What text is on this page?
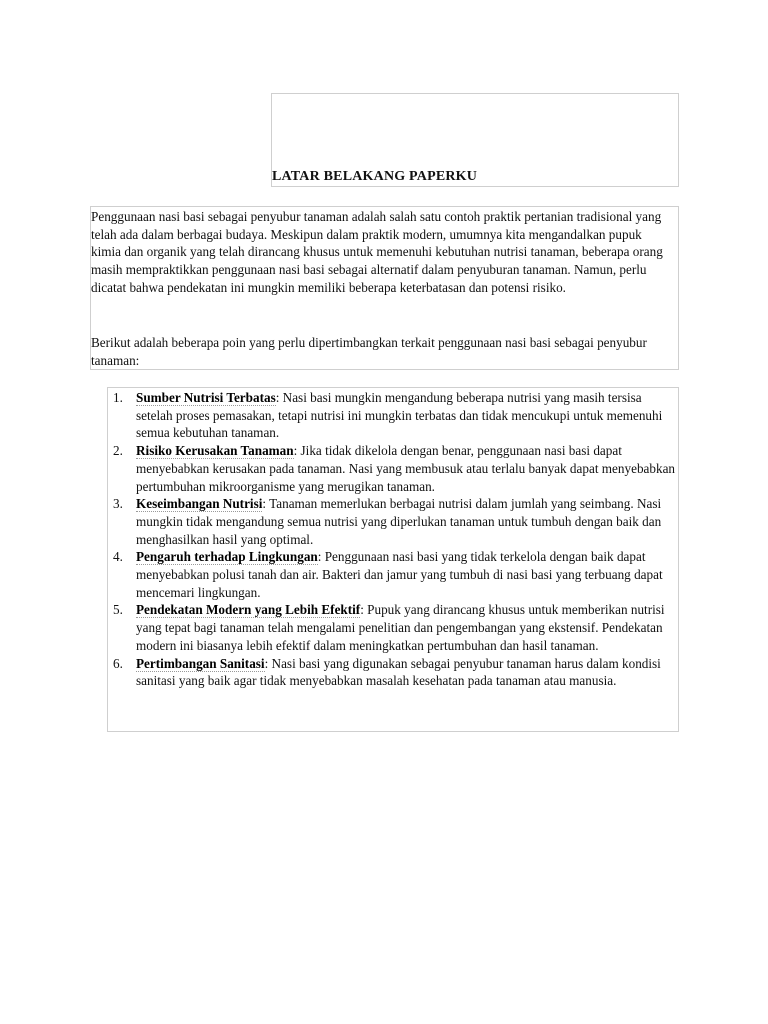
LATAR BELAKANG PAPERKU

Penggunaan nasi basi sebagai penyubur tanaman adalah salah satu contoh praktik pertanian tradisional yang telah ada dalam berbagai budaya. Meskipun dalam praktik modern, umumnya kita mengandalkan pupuk kimia dan organik yang telah dirancang khusus untuk memenuhi kebutuhan nutrisi tanaman, beberapa orang masih mempraktikkan penggunaan nasi basi sebagai alternatif dalam penyuburan tanaman. Namun, perlu dicatat bahwa pendekatan ini mungkin memiliki beberapa keterbatasan dan potensi risiko.

Berikut adalah beberapa poin yang perlu dipertimbangkan terkait penggunaan nasi basi sebagai penyubur tanaman:

1. Sumber Nutrisi Terbatas: Nasi basi mungkin mengandung beberapa nutrisi yang masih tersisa setelah proses pemasakan, tetapi nutrisi ini mungkin terbatas dan tidak mencukupi untuk memenuhi semua kebutuhan tanaman.
2. Risiko Kerusakan Tanaman: Jika tidak dikelola dengan benar, penggunaan nasi basi dapat menyebabkan kerusakan pada tanaman. Nasi yang membusuk atau terlalu banyak dapat menyebabkan pertumbuhan mikroorganisme yang merugikan tanaman.
3. Keseimbangan Nutrisi: Tanaman memerlukan berbagai nutrisi dalam jumlah yang seimbang. Nasi mungkin tidak mengandung semua nutrisi yang diperlukan tanaman untuk tumbuh dengan baik dan menghasilkan hasil yang optimal.
4. Pengaruh terhadap Lingkungan: Penggunaan nasi basi yang tidak terkelola dengan baik dapat menyebabkan polusi tanah dan air. Bakteri dan jamur yang tumbuh di nasi basi yang terbuang dapat mencemari lingkungan.
5. Pendekatan Modern yang Lebih Efektif: Pupuk yang dirancang khusus untuk memberikan nutrisi yang tepat bagi tanaman telah mengalami penelitian dan pengembangan yang ekstensif. Pendekatan modern ini biasanya lebih efektif dalam meningkatkan pertumbuhan dan hasil tanaman.
6. Pertimbangan Sanitasi: Nasi basi yang digunakan sebagai penyubur tanaman harus dalam kondisi sanitasi yang baik agar tidak menyebabkan masalah kesehatan pada tanaman atau manusia.
